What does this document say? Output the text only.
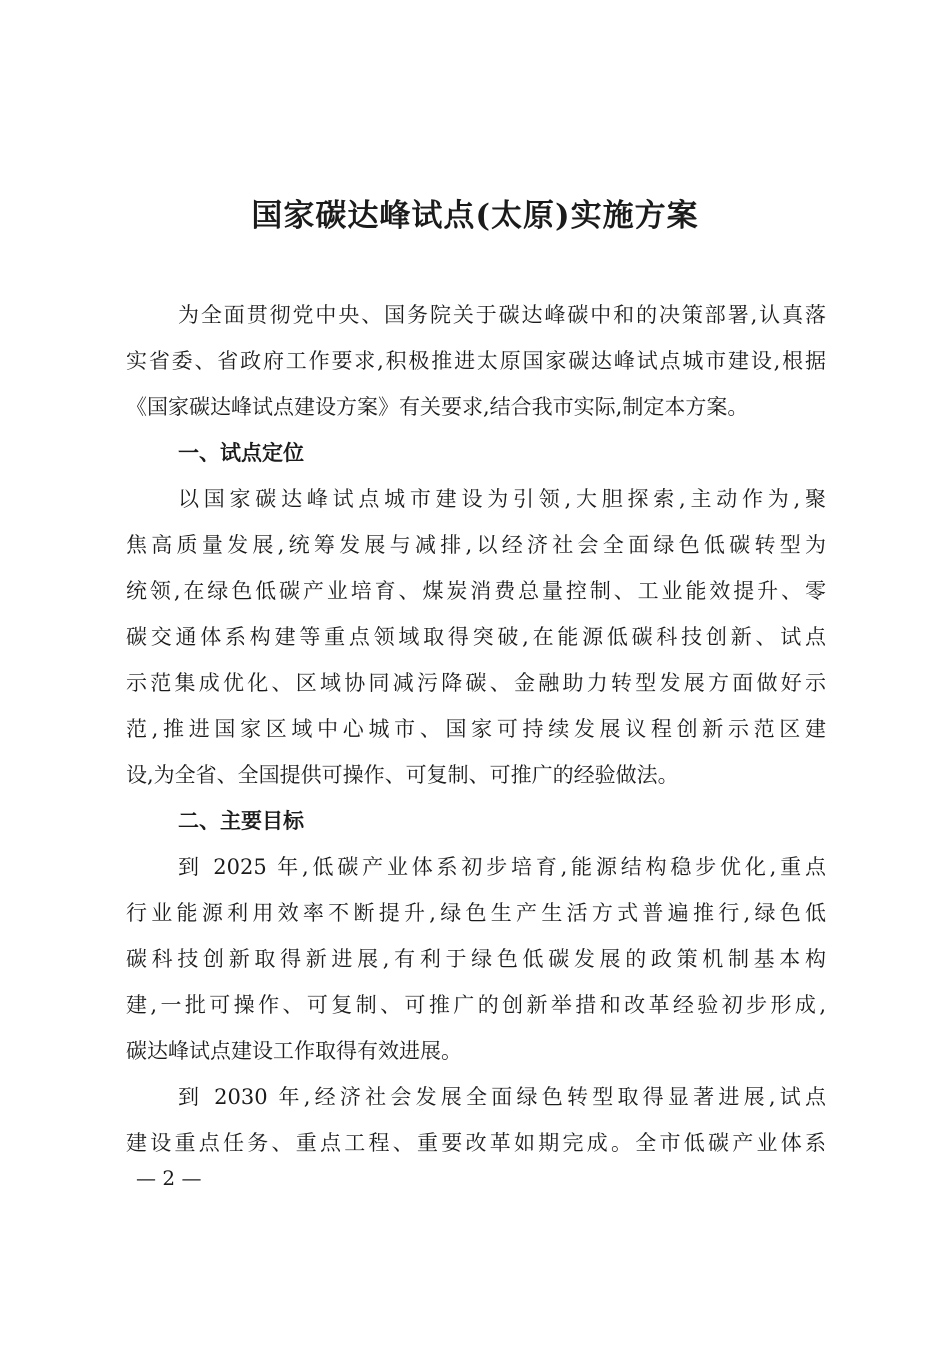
国家碳达峰试点(太原)实施方案
为全面贯彻党中央、国务院关于碳达峰碳中和的决策部署,认真落
实省委、省政府工作要求,积极推进太原国家碳达峰试点城市建设,根据
《国家碳达峰试点建设方案》有关要求,结合我市实际,制定本方案。
一、试点定位
以国家碳达峰试点城市建设为引领,大胆探索,主动作为,聚
焦高质量发展,统筹发展与减排,以经济社会全面绿色低碳转型为
统领,在绿色低碳产业培育、煤炭消费总量控制、工业能效提升、零
碳交通体系构建等重点领域取得突破,在能源低碳科技创新、试点
示范集成优化、区域协同减污降碳、金融助力转型发展方面做好示
范,推进国家区域中心城市、国家可持续发展议程创新示范区建
设,为全省、全国提供可操作、可复制、可推广的经验做法。
二、主要目标
到 2025 年,低碳产业体系初步培育,能源结构稳步优化,重点
行业能源利用效率不断提升,绿色生产生活方式普遍推行,绿色低
碳科技创新取得新进展,有利于绿色低碳发展的政策机制基本构
建,一批可操作、可复制、可推广的创新举措和改革经验初步形成,
碳达峰试点建设工作取得有效进展。
到 2030 年,经济社会发展全面绿色转型取得显著进展,试点
建设重点任务、重点工程、重要改革如期完成。全市低碳产业体系
— 2 —
